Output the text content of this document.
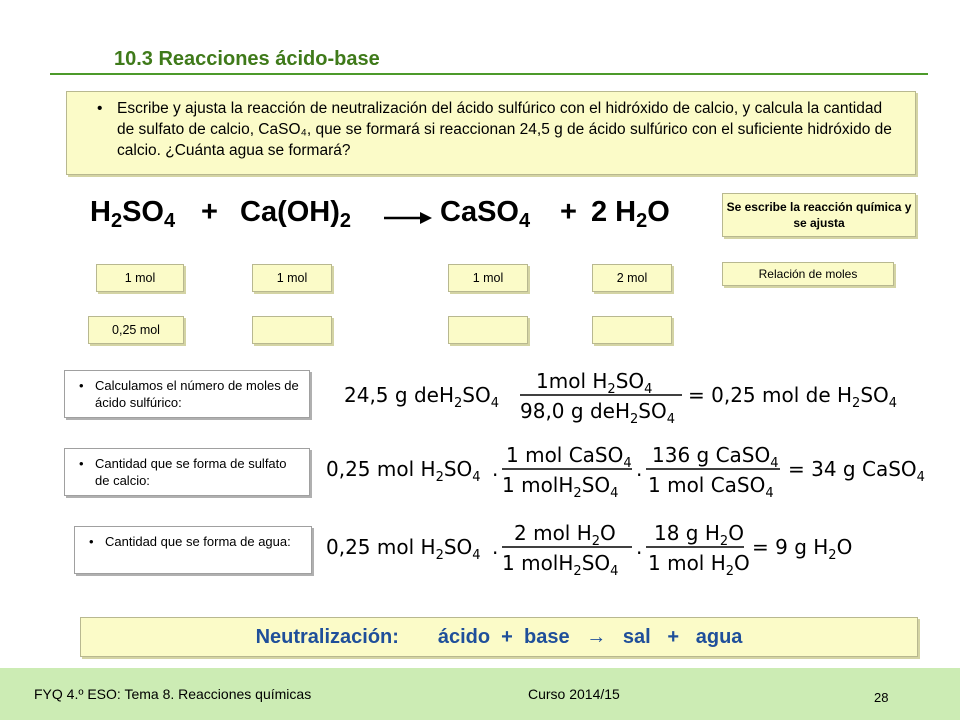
10.3 Reacciones ácido-base
• Escribe y ajusta la reacción de neutralización del ácido sulfúrico con el hidróxido de calcio, y calcula la cantidad de sulfato de calcio, CaSO₄, que se formará si reaccionan 24,5 g de ácido sulfúrico con el suficiente hidróxido de calcio. ¿Cuánta agua se formará?
$H_2SO_4 + Ca(OH)_2$ → CaSO$_4$ + 2 $H_2O$	Se escribe la reacción química y se ajusta
Relación de moles
1 mol	1 mol	1 mol	2 mol
0,25 mol
• Calculamos el número de moles de ácido sulfúrico:
• Cantidad que se forma de sulfato de calcio:
• Cantidad que se forma de agua:
24,5 g $deH_2SO_4$
1mol $H_2SO_4$
98,0 g $deH_2SO_4$
= 0,25 mol de $H_2SO_4$
0,25 mol $H_2SO_4$ .
1 mol CaSO$_4$
1 $molH_2SO_4$
.
136 g CaSO$_4$
1 mol CaSO$_4$
= 34 g CaSO$_4$
0,25 mol $H_2SO_4$ .
2 mol $H_2O$
1 $molH_2SO_4$
.
18 g $H_2O$
1 mol $H_2O$
= 9 g $H_2O$
Neutralización:       ácido  +  base   →   sal   +   agua
FYQ 4.º ESO: Tema 8. Reacciones químicas	Curso 2014/15	28
